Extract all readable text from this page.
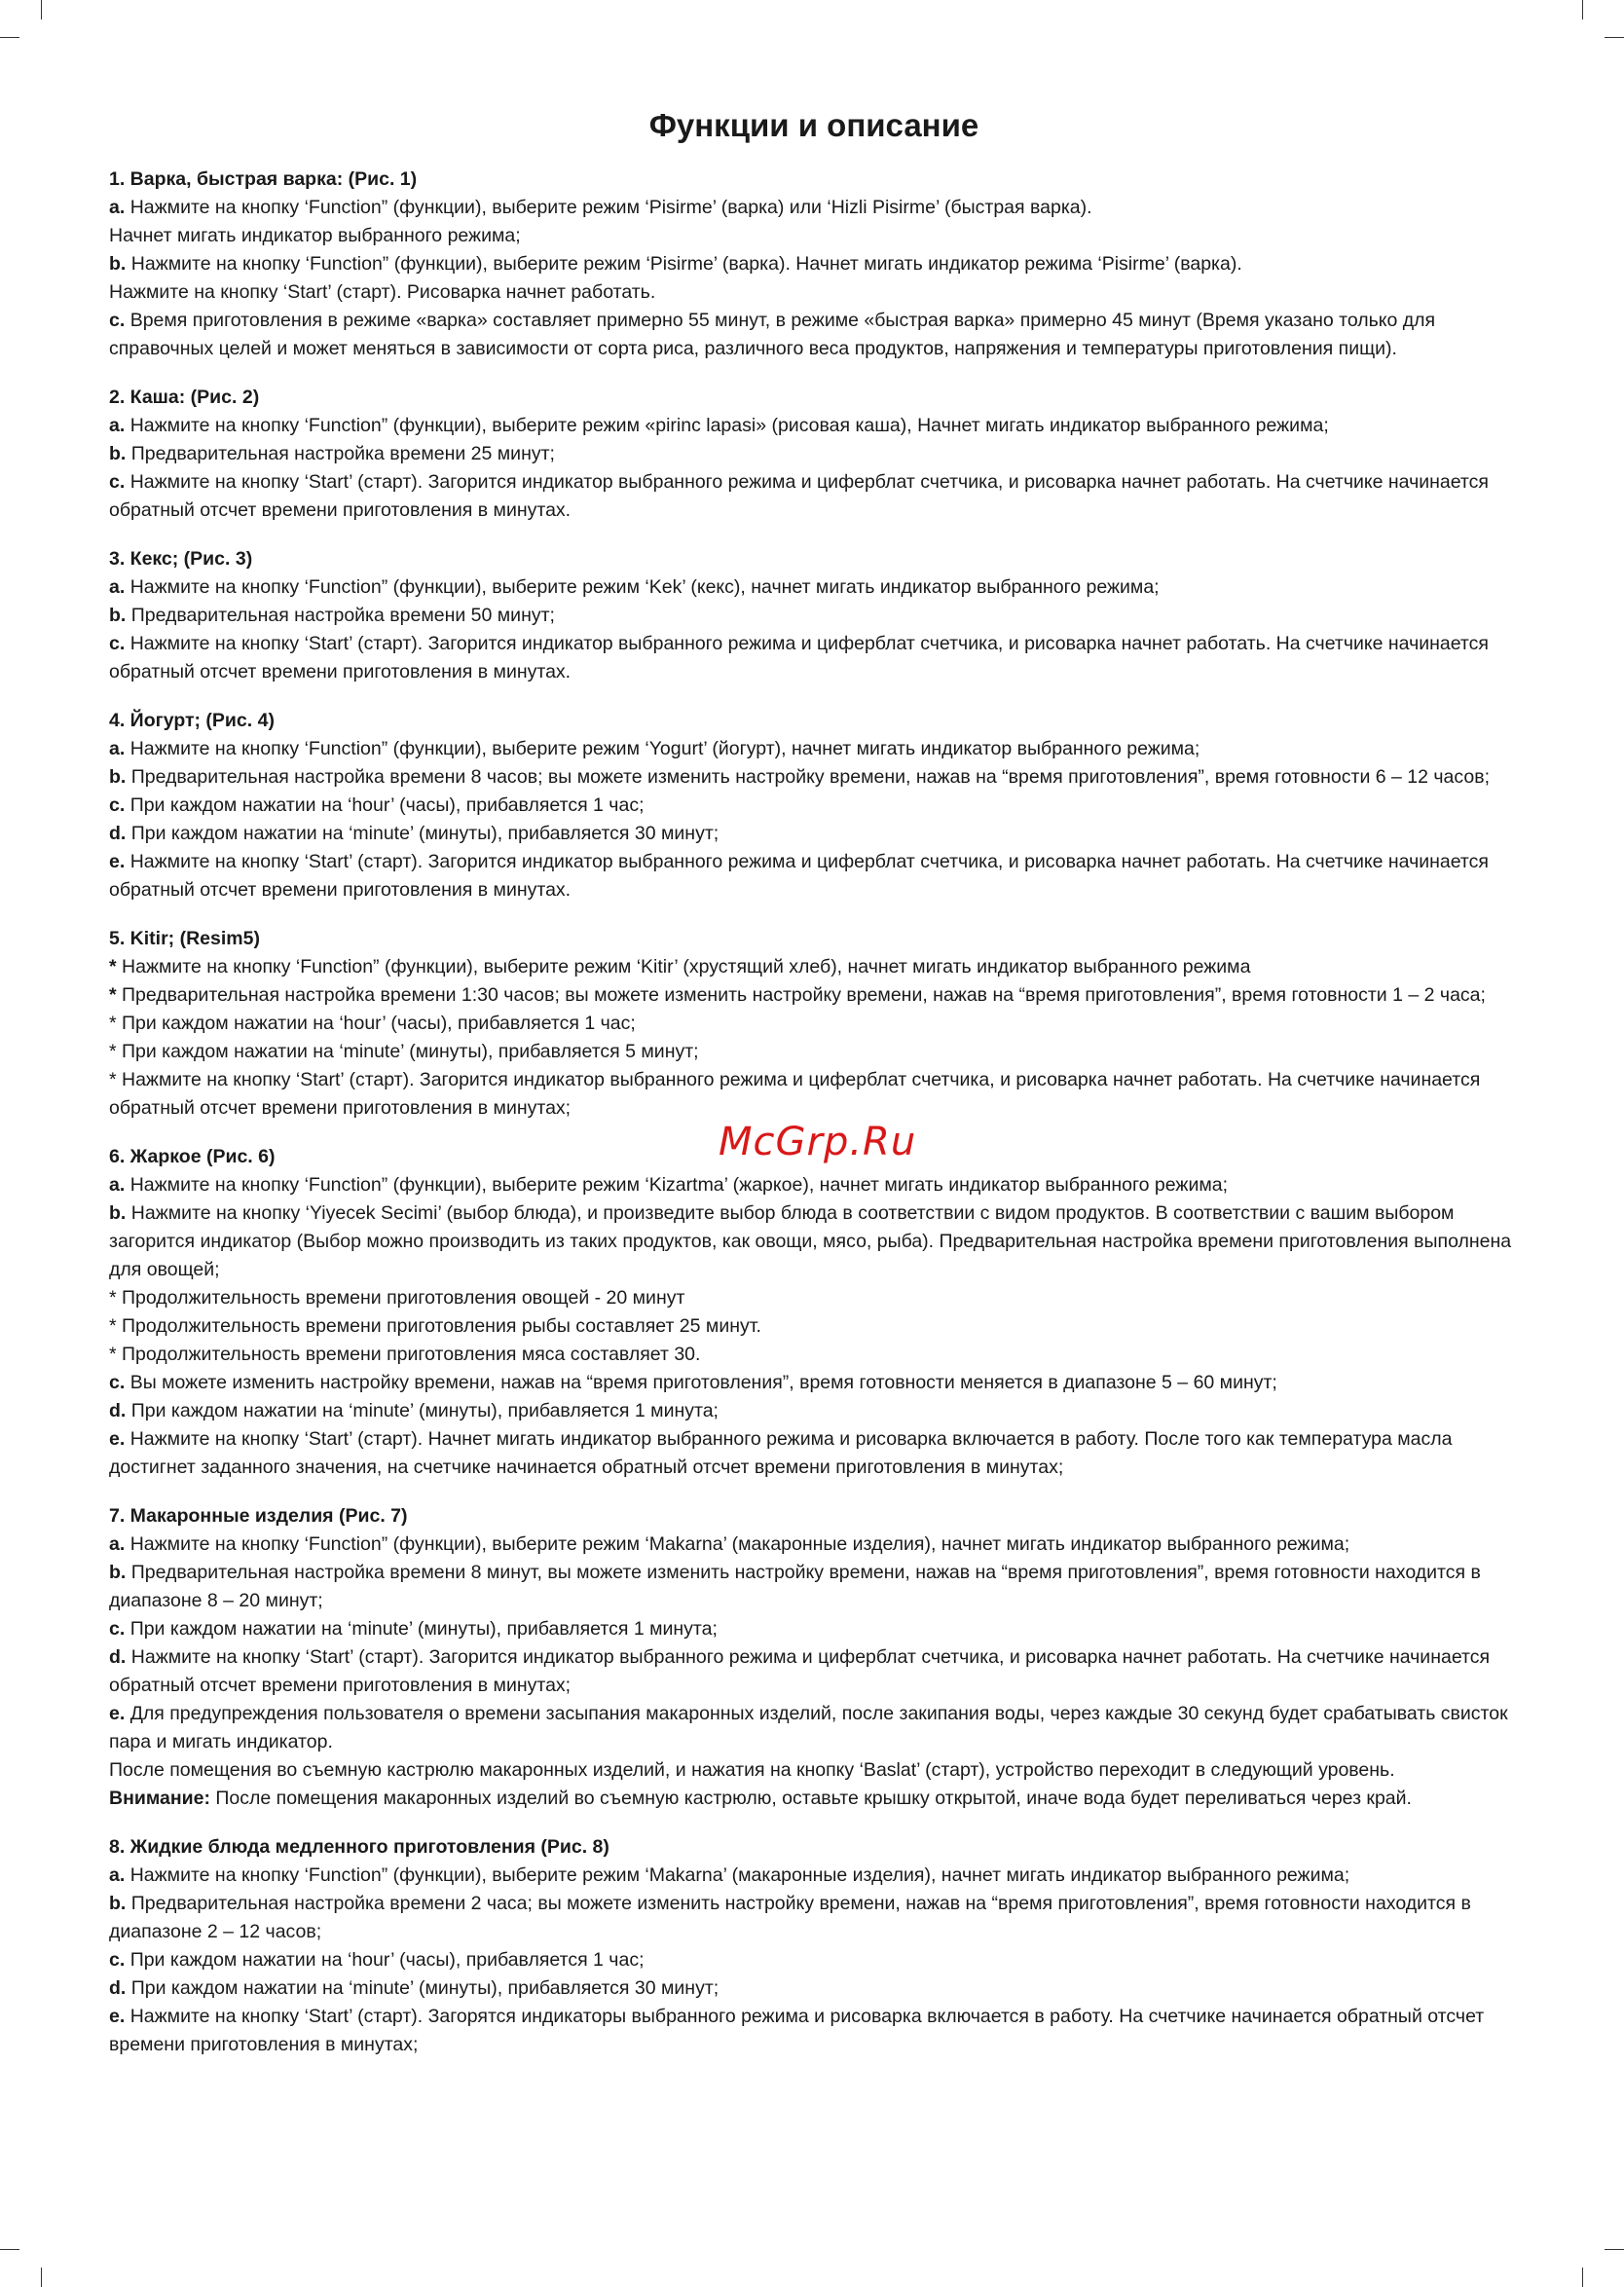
Функции и описание

1. Варка, быстрая варка: (Рис. 1)

a. Нажмите на кнопку ‘Function” (функции), выберите режим ‘Pisirme’ (варка) или ‘Hizli Pisirme’ (быстрая варка).

Начнет мигать индикатор выбранного режима;

b. Нажмите на кнопку ‘Function” (функции), выберите режим ‘Pisirme’ (варка). Начнет мигать индикатор режима ‘Pisirme’ (варка).

Нажмите на кнопку ‘Start’ (старт). Рисоварка начнет работать.

c. Время приготовления в режиме «варка» составляет примерно 55 минут, в режиме «быстрая варка» примерно 45 минут (Время указано только для справочных целей и может меняться в зависимости от сорта риса, различного веса продуктов, напряжения и температуры приготовления пищи).

2. Каша: (Рис. 2)

a. Нажмите на кнопку ‘Function” (функции), выберите режим «pirinc lapasi» (рисовая каша), Начнет мигать индикатор выбранного режима;

b. Предварительная настройка времени 25 минут;

c. Нажмите на кнопку ‘Start’ (старт). Загорится индикатор выбранного режима и циферблат счетчика, и рисоварка начнет работать. На счетчике начинается обратный отсчет времени приготовления в минутах.

3. Кекс; (Рис. 3)

a. Нажмите на кнопку ‘Function” (функции), выберите режим ‘Kek’ (кекс), начнет мигать индикатор выбранного режима;

b. Предварительная настройка времени 50 минут;

c. Нажмите на кнопку ‘Start’ (старт). Загорится индикатор выбранного режима и циферблат счетчика, и рисоварка начнет работать. На счетчике начинается обратный отсчет времени приготовления в минутах.

4. Йогурт; (Рис. 4)

a. Нажмите на кнопку ‘Function” (функции), выберите режим ‘Yogurt’ (йогурт), начнет мигать индикатор выбранного режима;

b. Предварительная настройка времени 8 часов; вы можете изменить настройку времени, нажав на “время приготовления”, время готовности 6 – 12 часов;

c. При каждом нажатии на ‘hour’ (часы), прибавляется 1 час;

d. При каждом нажатии на ‘minute’ (минуты), прибавляется 30 минут;

e. Нажмите на кнопку ‘Start’ (старт). Загорится индикатор выбранного режима и циферблат счетчика, и рисоварка начнет работать. На счетчике начинается обратный отсчет времени приготовления в минутах.

5. Kitir; (Resim5)

* Нажмите на кнопку ‘Function” (функции), выберите режим ‘Kitir’ (хрустящий хлеб), начнет мигать индикатор выбранного режима

* Предварительная настройка времени 1:30 часов; вы можете изменить настройку времени, нажав на “время приготовления”, время готовности 1 – 2 часа;

* При каждом нажатии на ‘hour’ (часы), прибавляется 1 час;

* При каждом нажатии на ‘minute’ (минуты), прибавляется 5 минут;

* Нажмите на кнопку ‘Start’ (старт). Загорится индикатор выбранного режима и циферблат счетчика, и рисоварка начнет работать. На счетчике начинается обратный отсчет времени приготовления в минутах;

6. Жаркое (Рис. 6)

a. Нажмите на кнопку ‘Function” (функции), выберите режим ‘Kizartma’ (жаркое), начнет мигать индикатор выбранного режима;

b. Нажмите на кнопку ‘Yiyecek Secimi’ (выбор блюда), и произведите выбор блюда в соответствии с видом продуктов. В соответствии с вашим выбором загорится индикатор (Выбор можно производить из таких продуктов, как овощи, мясо, рыба). Предварительная настройка времени приготовления выполнена для овощей;

* Продолжительность времени приготовления овощей - 20 минут

* Продолжительность времени приготовления рыбы составляет 25 минут.

* Продолжительность времени приготовления мяса составляет 30.

c. Вы можете изменить настройку времени, нажав на “время приготовления”, время готовности меняется в диапазоне 5 – 60 минут;

d. При каждом нажатии на ‘minute’ (минуты), прибавляется 1 минута;

e. Нажмите на кнопку ‘Start’ (старт). Начнет мигать индикатор выбранного режима и рисоварка включается в работу. После того как температура масла достигнет заданного значения, на счетчике начинается обратный отсчет времени приготовления в минутах;

7. Макаронные изделия (Рис. 7)

a. Нажмите на кнопку ‘Function” (функции), выберите режим ‘Makarna’ (макаронные изделия), начнет мигать индикатор выбранного режима;

b. Предварительная настройка времени 8 минут, вы можете изменить настройку времени, нажав на “время приготовления”, время готовности находится в диапазоне 8 – 20 минут;

c. При каждом нажатии на ‘minute’ (минуты), прибавляется 1 минута;

d. Нажмите на кнопку ‘Start’ (старт). Загорится индикатор выбранного режима и циферблат счетчика, и рисоварка начнет работать. На счетчике начинается обратный отсчет времени приготовления в минутах;

e. Для предупреждения пользователя о времени засыпания макаронных изделий, после закипания воды, через каждые 30 секунд будет срабатывать свисток пара и мигать индикатор.

После помещения во съемную кастрюлю макаронных изделий, и нажатия на кнопку ‘Baslat’ (старт), устройство переходит в следующий уровень.

Внимание: После помещения макаронных изделий во съемную кастрюлю, оставьте крышку открытой, иначе вода будет переливаться через край.

8. Жидкие блюда медленного приготовления (Рис. 8)

a. Нажмите на кнопку ‘Function” (функции), выберите режим ‘Makarna’ (макаронные изделия), начнет мигать индикатор выбранного режима;

b. Предварительная настройка времени 2 часа; вы можете изменить настройку времени, нажав на “время приготовления”, время готовности находится в диапазоне 2 – 12 часов;

c. При каждом нажатии на ‘hour’ (часы), прибавляется 1 час;

d. При каждом нажатии на ‘minute’ (минуты), прибавляется 30 минут;

e. Нажмите на кнопку ‘Start’ (старт). Загорятся индикаторы выбранного режима и рисоварка включается в работу. На счетчике начинается обратный отсчет времени приготовления в минутах;

McGrp.Ru
